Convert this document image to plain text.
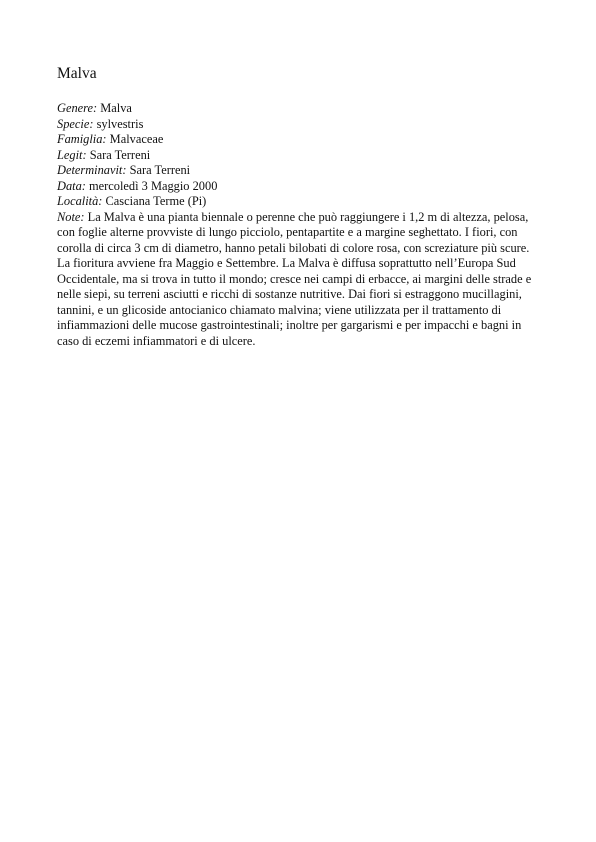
Malva

Genere: Malva

Specie: sylvestris

Famiglia: Malvaceae

Legit: Sara Terreni

Determinavit: Sara Terreni

Data: mercoledì 3 Maggio 2000

Località: Casciana Terme (Pi)

Note: La Malva è una pianta biennale o perenne che può raggiungere i 1,2 m di altezza, pelosa, con foglie alterne provviste di lungo picciolo, pentapartite e a margine seghettato. I fiori, con corolla di circa 3 cm di diametro, hanno petali bilobati di colore rosa, con screziature più scure. La fioritura avviene fra Maggio e Settembre. La Malva è diffusa soprattutto nell’Europa Sud Occidentale, ma si trova in tutto il mondo; cresce nei campi di erbacce, ai margini delle strade e nelle siepi, su terreni asciutti e ricchi di sostanze nutritive. Dai fiori si estraggono mucillagini, tannini, e un glicoside antocianico chiamato malvina; viene utilizzata per il trattamento di infiammazioni delle mucose gastrointestinali; inoltre per gargarismi e per impacchi e bagni in caso di eczemi infiammatori e di ulcere.
